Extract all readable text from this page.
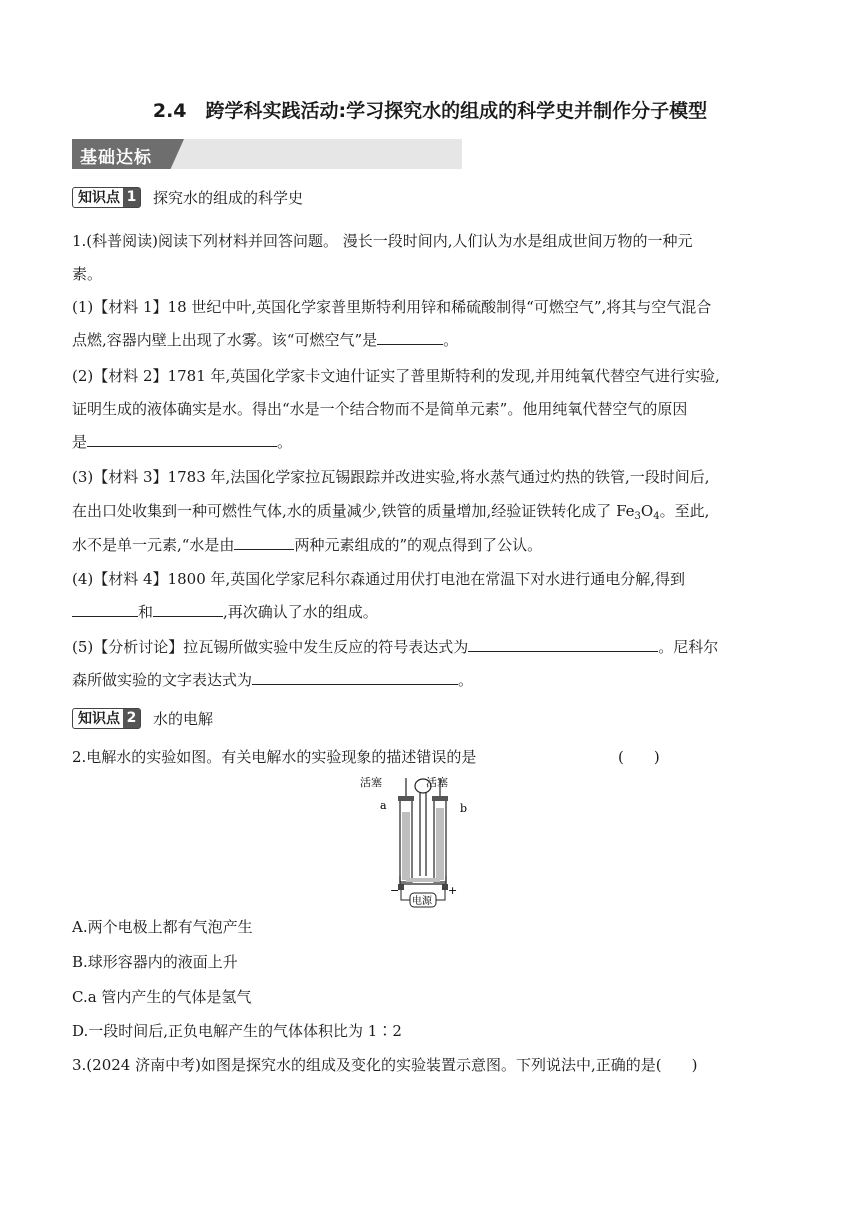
2.4　跨学科实践活动:学习探究水的组成的科学史并制作分子模型
基础达标
知识点 1 探究水的组成的科学史
1.(科普阅读)阅读下列材料并回答问题。 漫长一段时间内,人们认为水是组成世间万物的一种元
素。
(1)【材料 1】18 世纪中叶,英国化学家普里斯特利用锌和稀硫酸制得“可燃空气”,将其与空气混合
点燃,容器内壁上出现了水雾。该“可燃空气”是	。
(2)【材料 2】1781 年,英国化学家卡文迪什证实了普里斯特利的发现,并用纯氧代替空气进行实验,
证明生成的液体确实是水。得出“水是一个结合物而不是简单元素”。他用纯氧代替空气的原因
是	。
(3)【材料 3】1783 年,法国化学家拉瓦锡跟踪并改进实验,将水蒸气通过灼热的铁管,一段时间后,
在出口处收集到一种可燃性气体,水的质量减少,铁管的质量增加,经验证铁转化成了 $Fe_3O_4$。至此,
水不是单一元素,“水是由	两种元素组成的”的观点得到了公认。
(4)【材料 4】1800 年,英国化学家尼科尔森通过用伏打电池在常温下对水进行通电分解,得到
和	,再次确认了水的组成。
(5)【分析讨论】拉瓦锡所做实验中发生反应的符号表达式为	。尼科尔
森所做实验的文字表达式为	。
知识点 2 水的电解
2.电解水的实验如图。有关电解水的实验现象的描述错误的是	(　　)
活塞	活塞
a	b
−	+
电源
A.两个电极上都有气泡产生
B.球形容器内的液面上升
C.a 管内产生的气体是氢气
D.一段时间后,正负电解产生的气体体积比为 1∶2
3.(2024 济南中考)如图是探究水的组成及变化的实验装置示意图。下列说法中,正确的是(　　)
